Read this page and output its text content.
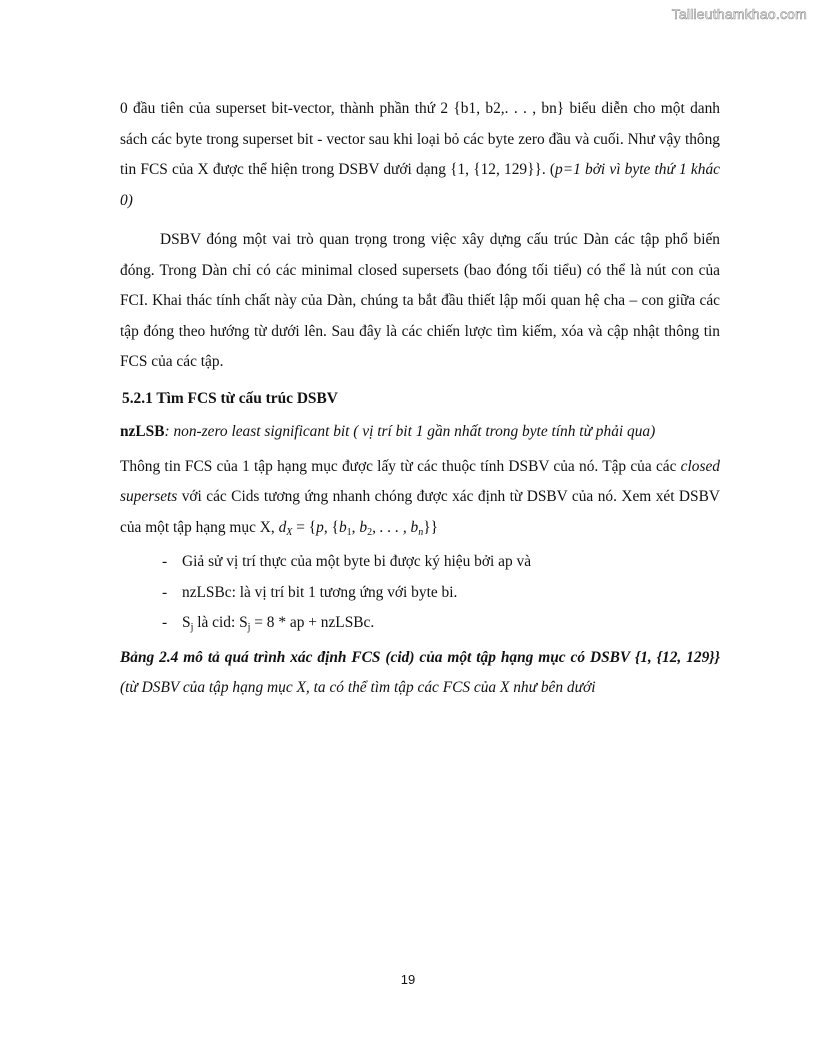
Tailieuthamkhao.com

0 đầu tiên của superset bit-vector, thành phần thứ 2 {b1, b2,. . . , bn} biểu diễn cho một danh sách các byte trong superset bit - vector sau khi loại bỏ các byte zero đầu và cuối. Như vậy thông tin FCS của X được thể hiện trong DSBV dưới dạng {1, {12, 129}}. (p=1 bởi vì byte thứ 1 khác 0)

DSBV đóng một vai trò quan trọng trong việc xây dựng cấu trúc Dàn các tập phổ biến đóng. Trong Dàn chỉ có các minimal closed supersets (bao đóng tối tiểu) có thể là nút con của FCI. Khai thác tính chất này của Dàn, chúng ta bắt đầu thiết lập mối quan hệ cha – con giữa các tập đóng theo hướng từ dưới lên. Sau đây là các chiến lược tìm kiếm, xóa và cập nhật thông tin FCS của các tập.

5.2.1 Tìm FCS từ cấu trúc DSBV

nzLSB: non-zero least significant bit ( vị trí bit 1 gần nhất trong byte tính từ phải qua)

Thông tin FCS của 1 tập hạng mục được lấy từ các thuộc tính DSBV của nó. Tập của các closed supersets với các Cids tương ứng nhanh chóng được xác định từ DSBV của nó. Xem xét DSBV của một tập hạng mục X, $d_X = \{p$, {$b_1$, $b_2$, . . . , $b_n$}}

- Giả sử vị trí thực của một byte bi được ký hiệu bởi ap và
- nzLSBc: là vị trí bit 1 tương ứng với byte bi.
- $S_j$ là cid: $S_j = 8$ * ap + nzLSBc.

Bảng 2.4 mô tả quá trình xác định FCS (cid) của một tập hạng mục có DSBV {1, {12, 129}} (từ DSBV của tập hạng mục X, ta có thể tìm tập các FCS của X như bên dưới

19
